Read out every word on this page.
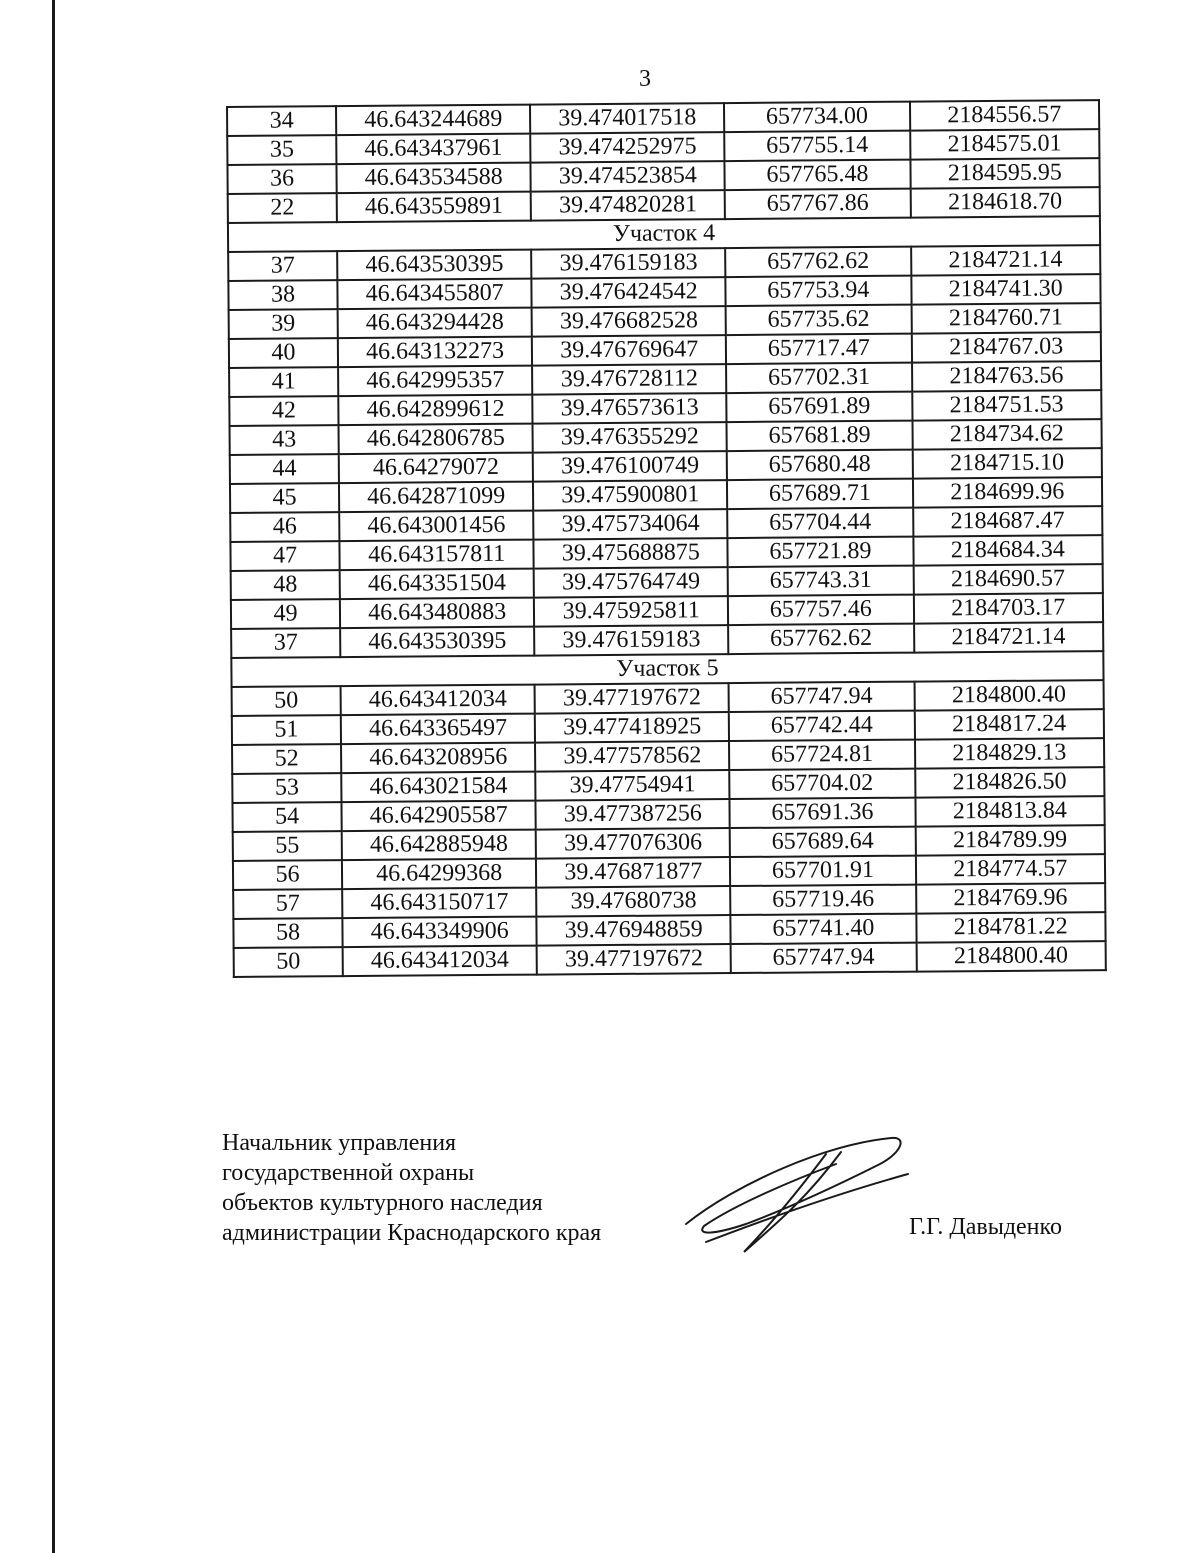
3
34	46.643244689	39.474017518	657734.00	2184556.57
35	46.643437961	39.474252975	657755.14	2184575.01
36	46.643534588	39.474523854	657765.48	2184595.95
22	46.643559891	39.474820281	657767.86	2184618.70
Участок 4				
37	46.643530395	39.476159183	657762.62	2184721.14
38	46.643455807	39.476424542	657753.94	2184741.30
39	46.643294428	39.476682528	657735.62	2184760.71
40	46.643132273	39.476769647	657717.47	2184767.03
41	46.642995357	39.476728112	657702.31	2184763.56
42	46.642899612	39.476573613	657691.89	2184751.53
43	46.642806785	39.476355292	657681.89	2184734.62
44	46.64279072	39.476100749	657680.48	2184715.10
45	46.642871099	39.475900801	657689.71	2184699.96
46	46.643001456	39.475734064	657704.44	2184687.47
47	46.643157811	39.475688875	657721.89	2184684.34
48	46.643351504	39.475764749	657743.31	2184690.57
49	46.643480883	39.475925811	657757.46	2184703.17
37	46.643530395	39.476159183	657762.62	2184721.14
Участок 5				
50	46.643412034	39.477197672	657747.94	2184800.40
51	46.643365497	39.477418925	657742.44	2184817.24
52	46.643208956	39.477578562	657724.81	2184829.13
53	46.643021584	39.47754941	657704.02	2184826.50
54	46.642905587	39.477387256	657691.36	2184813.84
55	46.642885948	39.477076306	657689.64	2184789.99
56	46.64299368	39.476871877	657701.91	2184774.57
57	46.643150717	39.47680738	657719.46	2184769.96
58	46.643349906	39.476948859	657741.40	2184781.22
50	46.643412034	39.477197672	657747.94	2184800.40
Начальник управления
государственной охраны
объектов культурного наследия
администрации Краснодарского края	Г.Г. Давыденко
